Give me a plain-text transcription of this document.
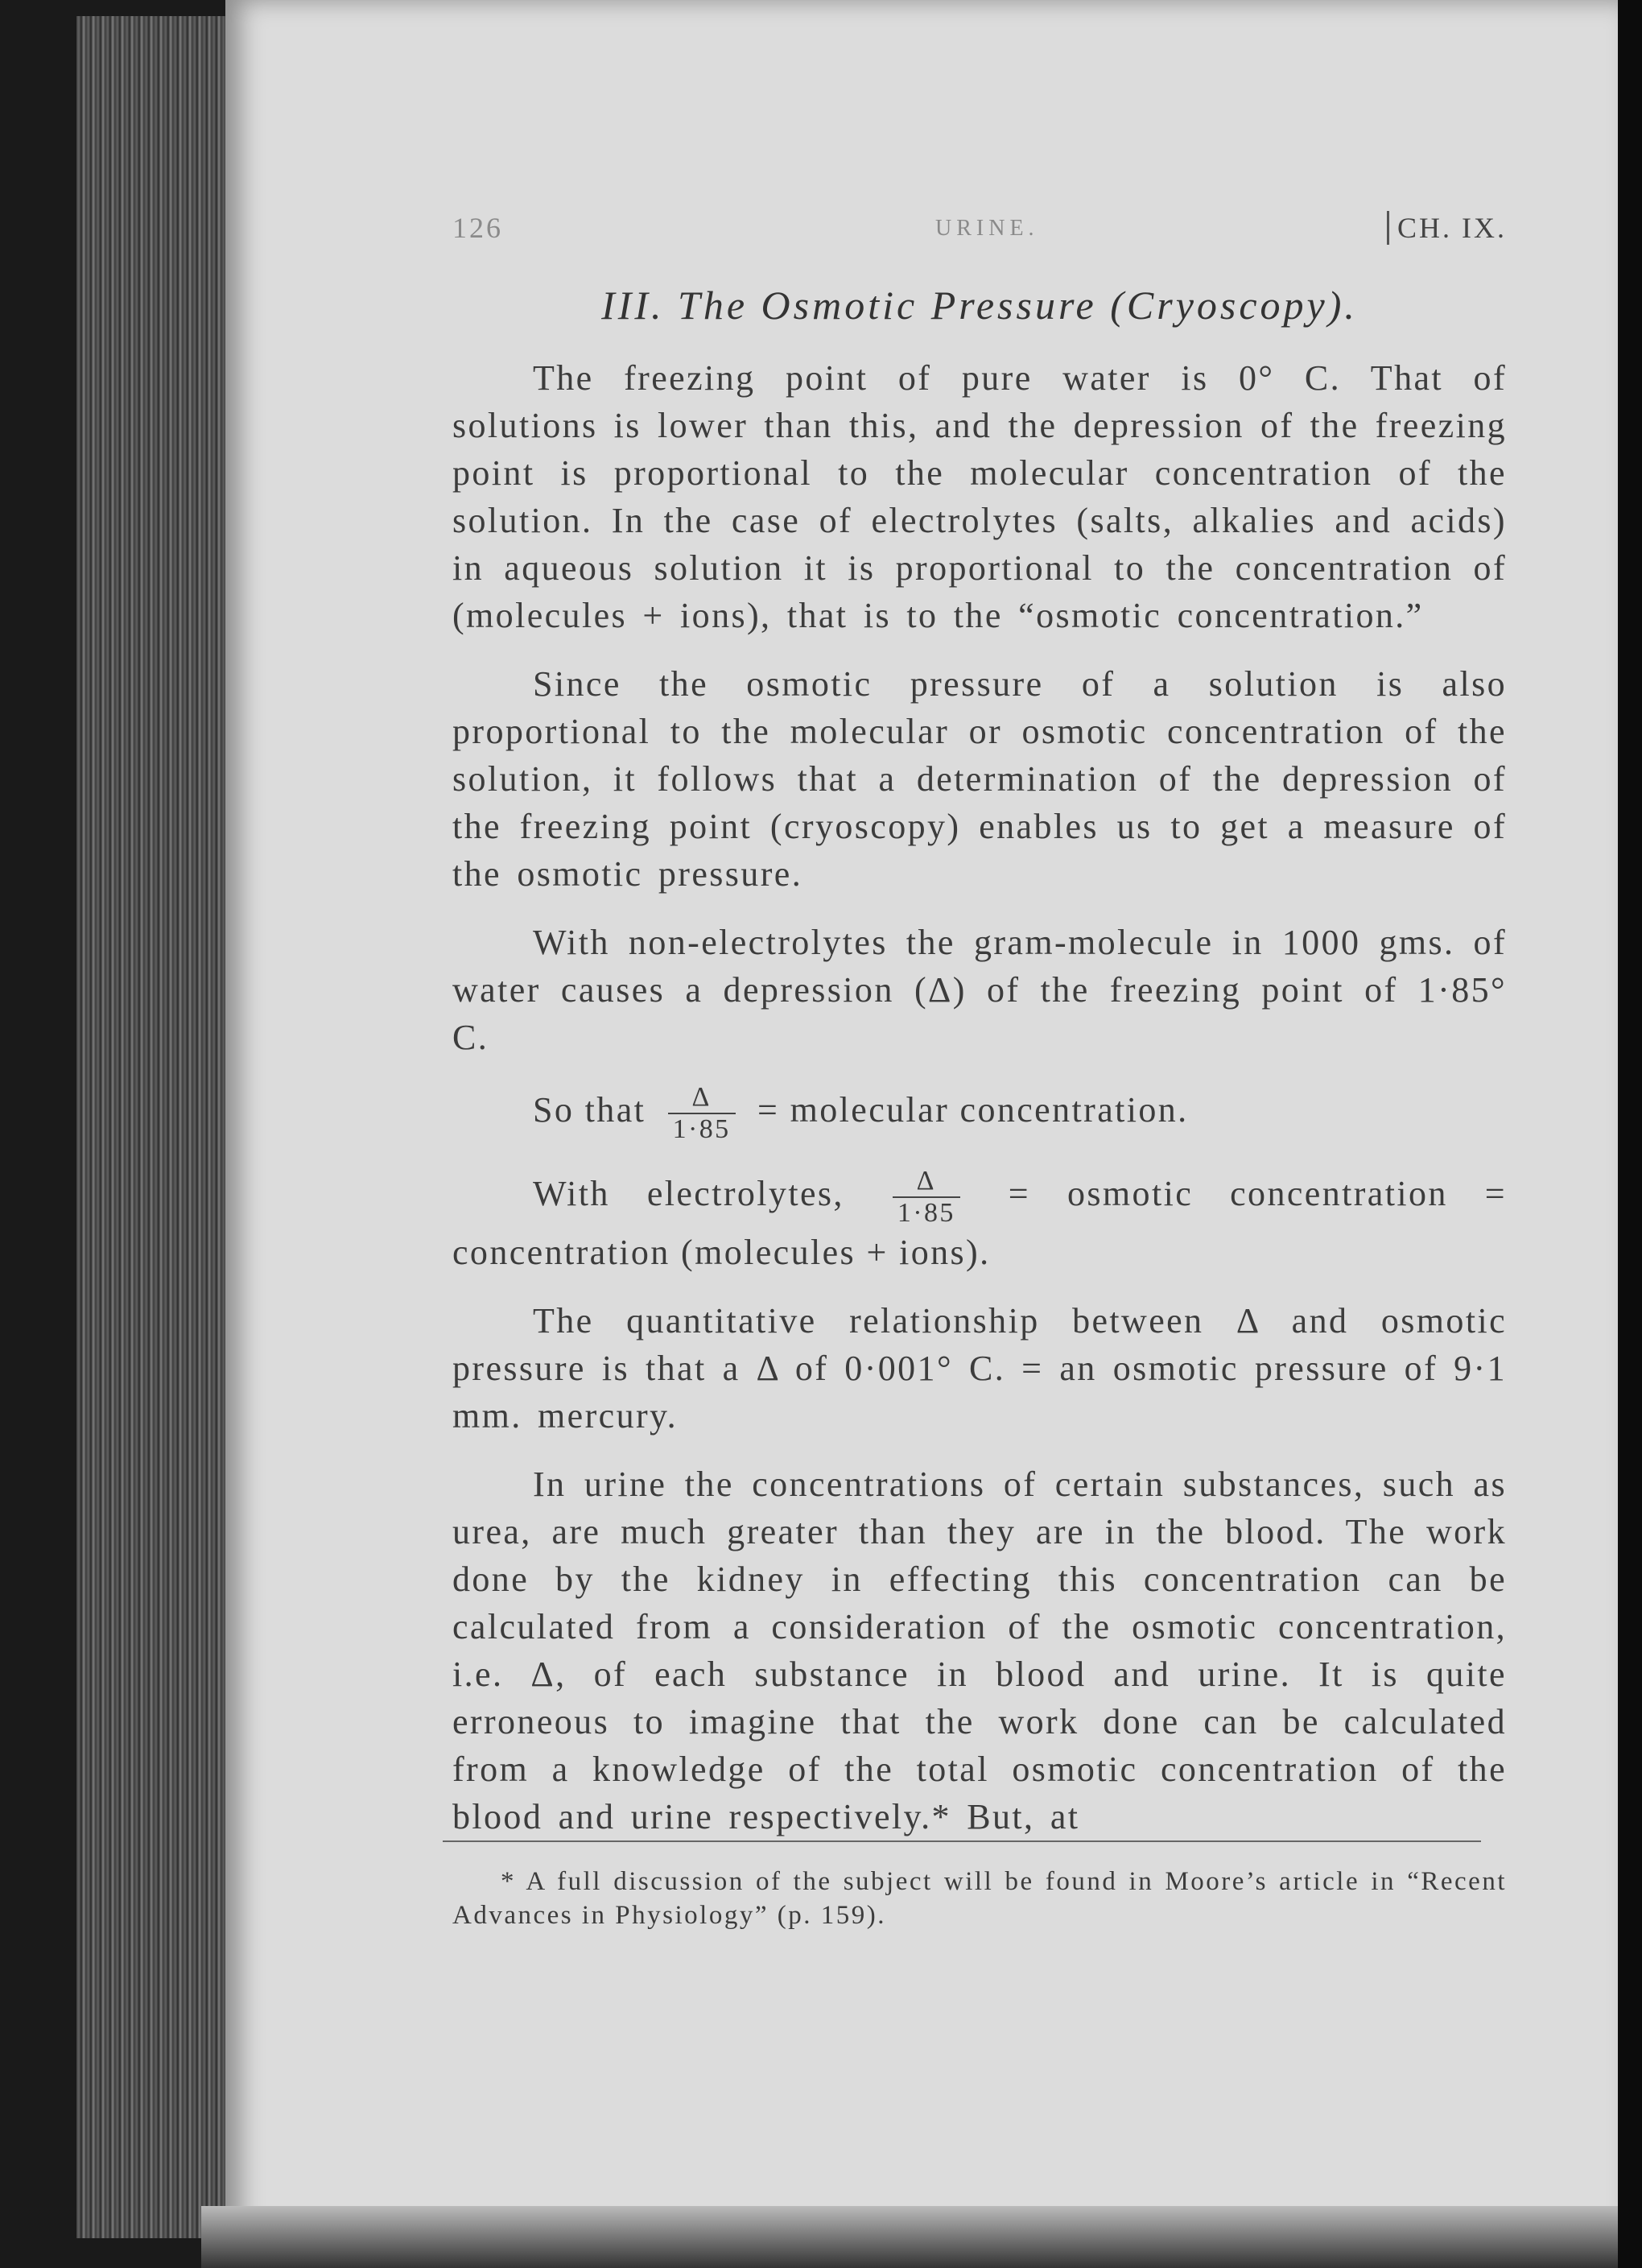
126	URINE.	CH. IX.
III. The Osmotic Pressure (Cryoscopy).

The freezing point of pure water is 0° C. That of solutions is lower than this, and the depression of the freezing point is proportional to the molecular concentration of the solution. In the case of electrolytes (salts, alkalies and acids) in aqueous solution it is proportional to the concentration of (molecules + ions), that is to the “osmotic concentration.”

Since the osmotic pressure of a solution is also proportional to the molecular or osmotic concentration of the solution, it follows that a determination of the depression of the freezing point (cryoscopy) enables us to get a measure of the osmotic pressure.

With non-electrolytes the gram-molecule in 1000 gms. of water causes a depression (Δ) of the freezing point of 1·85° C.

So that $\frac{\Delta}{1\cdot 85}$ = molecular concentration.

With electrolytes, $\frac{\Delta}{1\cdot 85}$ = osmotic concentration = concentration (molecules + ions).

The quantitative relationship between Δ and osmotic pressure is that a Δ of 0·001° C. = an osmotic pressure of 9·1 mm. mercury.

In urine the concentrations of certain substances, such as urea, are much greater than they are in the blood. The work done by the kidney in effecting this concentration can be calculated from a consideration of the osmotic concentration, i.e. Δ, of each substance in blood and urine. It is quite erroneous to imagine that the work done can be calculated from a knowledge of the total osmotic concentration of the blood and urine respectively.* But, at

* A full discussion of the subject will be found in Moore’s article in “Recent Advances in Physiology” (p. 159).
